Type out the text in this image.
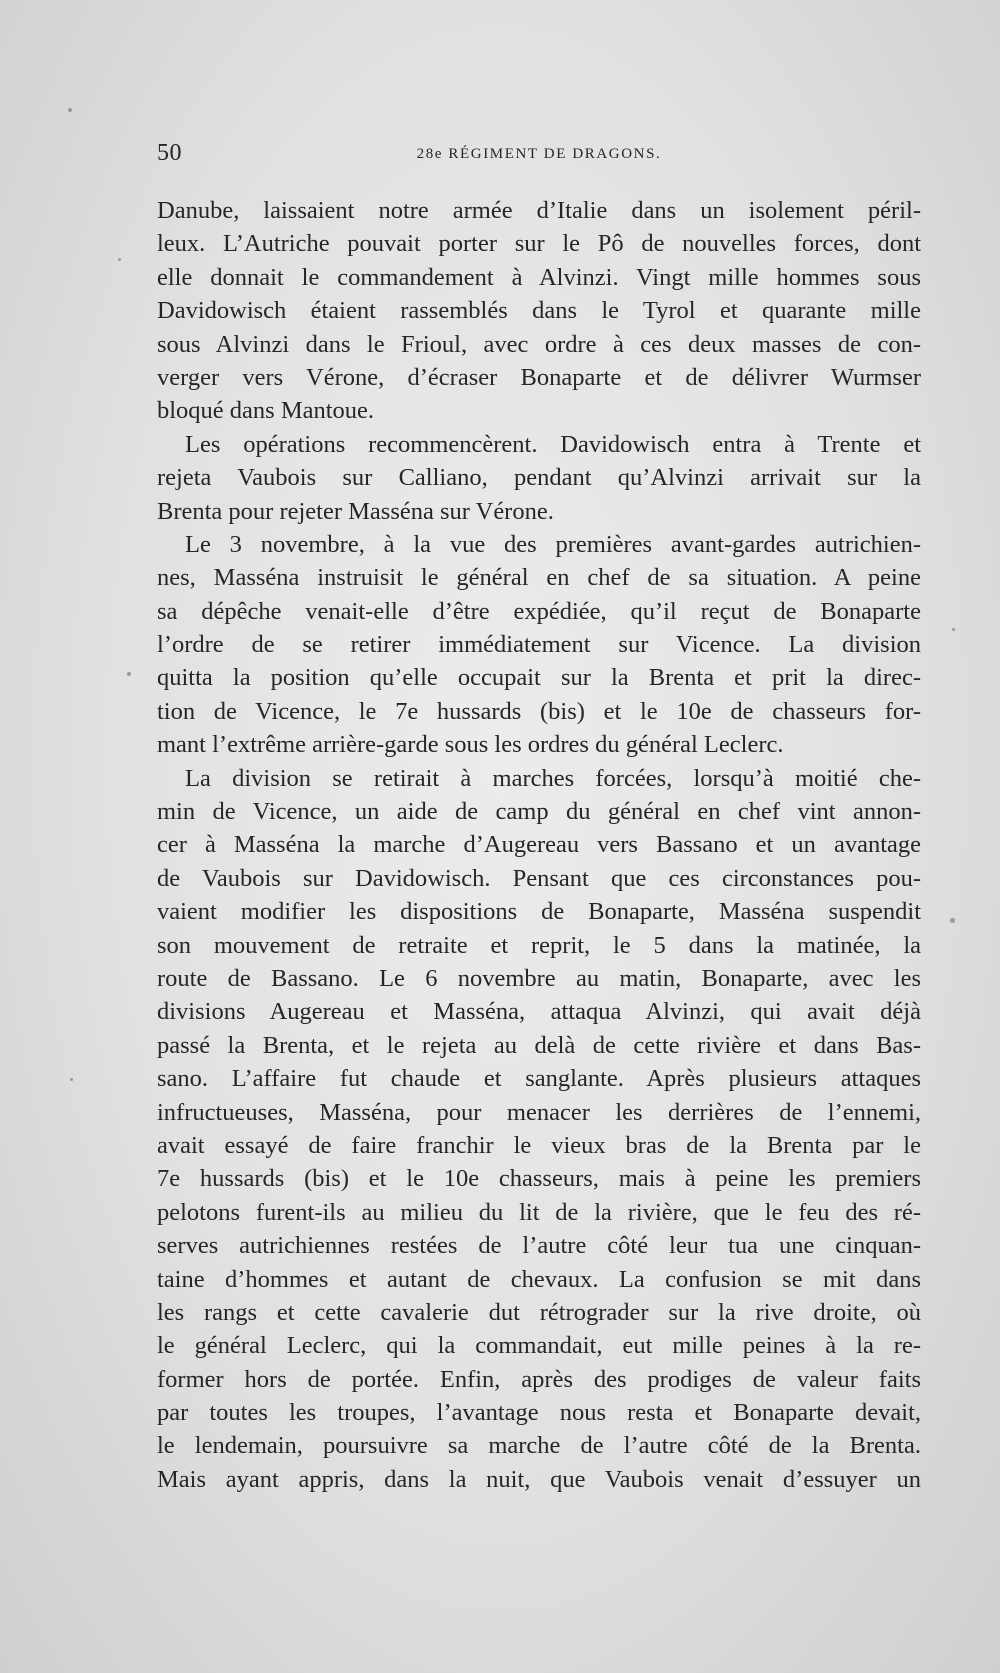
50	28e RÉGIMENT DE DRAGONS.
Danube, laissaient notre armée d’Italie dans un isolement péril-
leux. L’Autriche pouvait porter sur le Pô de nouvelles forces, dont
elle donnait le commandement à Alvinzi. Vingt mille hommes sous
Davidowisch étaient rassemblés dans le Tyrol et quarante mille
sous Alvinzi dans le Frioul, avec ordre à ces deux masses de con-
verger vers Vérone, d’écraser Bonaparte et de délivrer Wurmser
bloqué dans Mantoue.
Les opérations recommencèrent. Davidowisch entra à Trente et
rejeta Vaubois sur Calliano, pendant qu’Alvinzi arrivait sur la
Brenta pour rejeter Masséna sur Vérone.
Le 3 novembre, à la vue des premières avant-gardes autrichien-
nes, Masséna instruisit le général en chef de sa situation. A peine
sa dépêche venait-elle d’être expédiée, qu’il reçut de Bonaparte
l’ordre de se retirer immédiatement sur Vicence. La division
quitta la position qu’elle occupait sur la Brenta et prit la direc-
tion de Vicence, le 7e hussards (bis) et le 10e de chasseurs for-
mant l’extrême arrière-garde sous les ordres du général Leclerc.
La division se retirait à marches forcées, lorsqu’à moitié che-
min de Vicence, un aide de camp du général en chef vint annon-
cer à Masséna la marche d’Augereau vers Bassano et un avantage
de Vaubois sur Davidowisch. Pensant que ces circonstances pou-
vaient modifier les dispositions de Bonaparte, Masséna suspendit
son mouvement de retraite et reprit, le 5 dans la matinée, la
route de Bassano. Le 6 novembre au matin, Bonaparte, avec les
divisions Augereau et Masséna, attaqua Alvinzi, qui avait déjà
passé la Brenta, et le rejeta au delà de cette rivière et dans Bas-
sano. L’affaire fut chaude et sanglante. Après plusieurs attaques
infructueuses, Masséna, pour menacer les derrières de l’ennemi,
avait essayé de faire franchir le vieux bras de la Brenta par le
7e hussards (bis) et le 10e chasseurs, mais à peine les premiers
pelotons furent-ils au milieu du lit de la rivière, que le feu des ré-
serves autrichiennes restées de l’autre côté leur tua une cinquan-
taine d’hommes et autant de chevaux. La confusion se mit dans
les rangs et cette cavalerie dut rétrograder sur la rive droite, où
le général Leclerc, qui la commandait, eut mille peines à la re-
former hors de portée. Enfin, après des prodiges de valeur faits
par toutes les troupes, l’avantage nous resta et Bonaparte devait,
le lendemain, poursuivre sa marche de l’autre côté de la Brenta.
Mais ayant appris, dans la nuit, que Vaubois venait d’essuyer un
